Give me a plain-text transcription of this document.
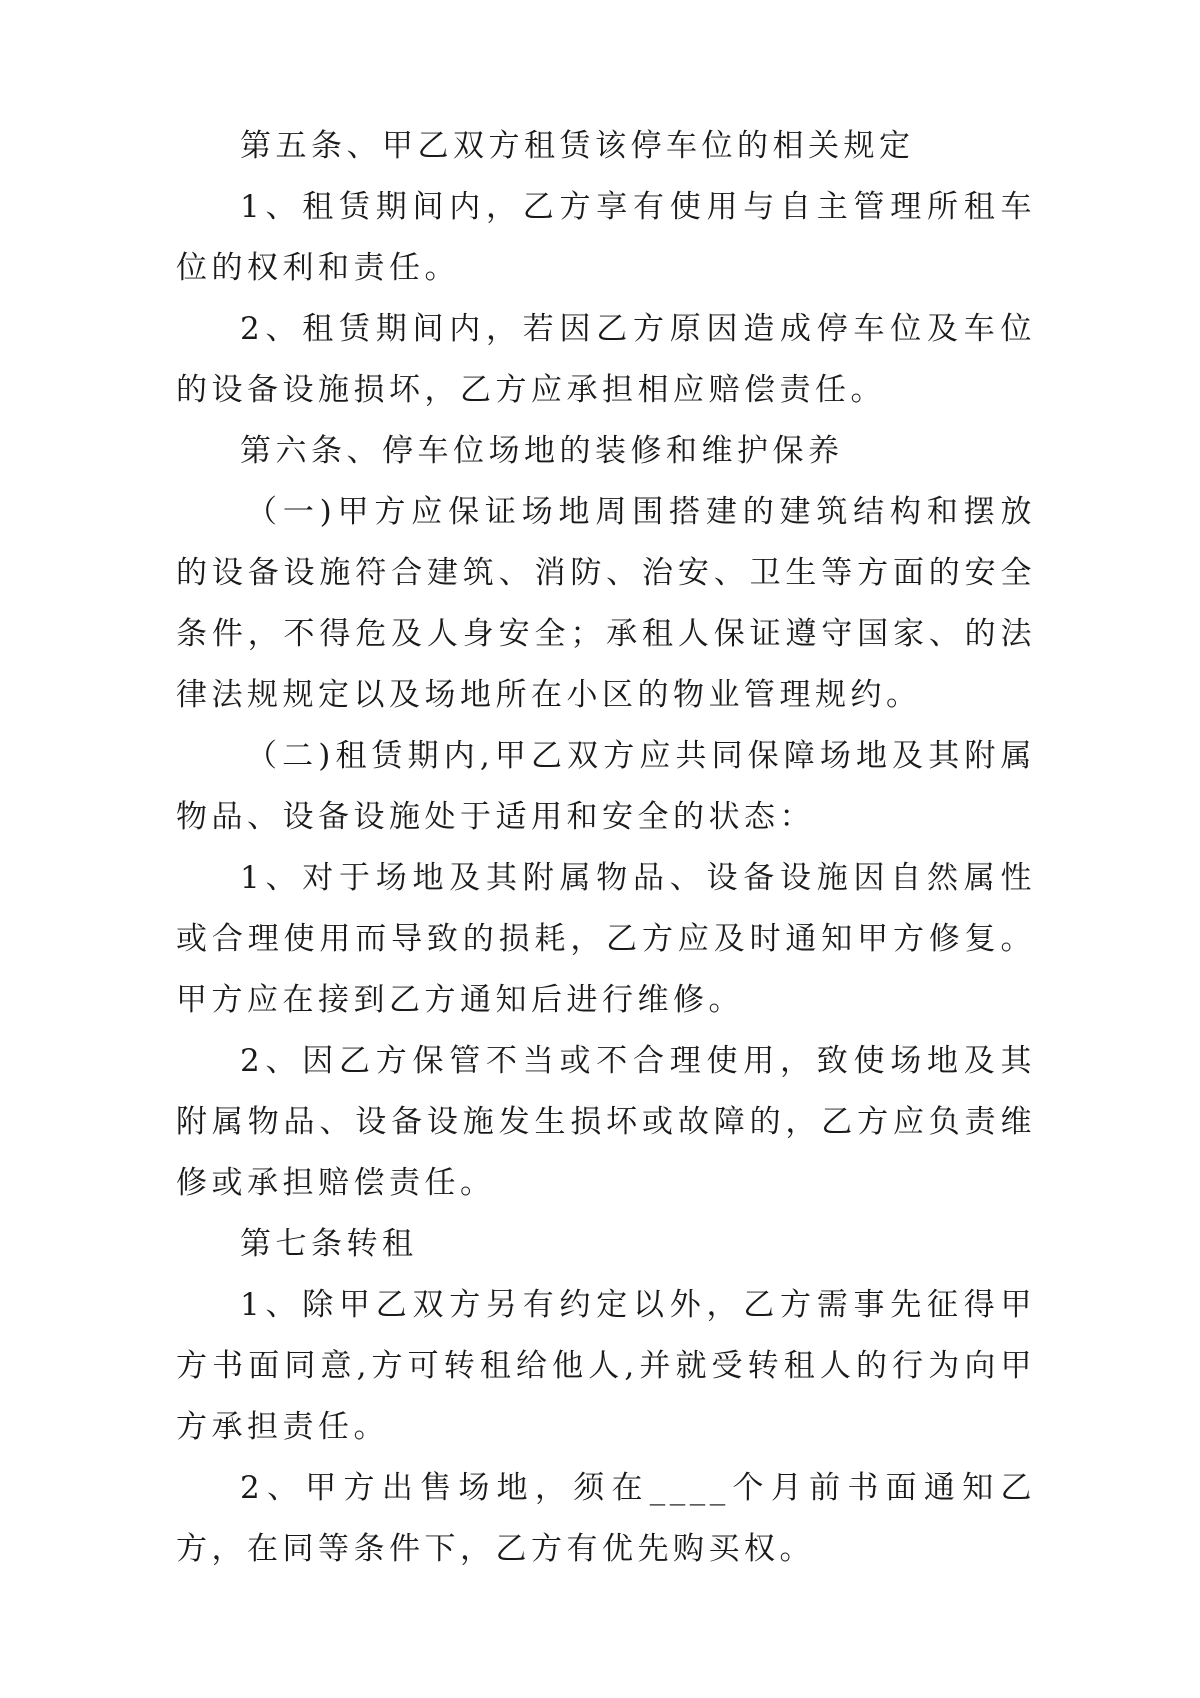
第五条、甲乙双方租赁该停车位的相关规定

1、租赁期间内，乙方享有使用与自主管理所租车位的权利和责任。

2、租赁期间内，若因乙方原因造成停车位及车位的设备设施损坏，乙方应承担相应赔偿责任。

第六条、停车位场地的装修和维护保养

（一)甲方应保证场地周围搭建的建筑结构和摆放的设备设施符合建筑、消防、治安、卫生等方面的安全条件，不得危及人身安全；承租人保证遵守国家、的法律法规规定以及场地所在小区的物业管理规约。

（二)租赁期内,甲乙双方应共同保障场地及其附属物品、设备设施处于适用和安全的状态：

1、对于场地及其附属物品、设备设施因自然属性或合理使用而导致的损耗，乙方应及时通知甲方修复。甲方应在接到乙方通知后进行维修。

2、因乙方保管不当或不合理使用，致使场地及其附属物品、设备设施发生损坏或故障的，乙方应负责维修或承担赔偿责任。

第七条转租

1、除甲乙双方另有约定以外，乙方需事先征得甲方书面同意,方可转租给他人,并就受转租人的行为向甲方承担责任。

2、甲方出售场地，须在____个月前书面通知乙方，在同等条件下，乙方有优先购买权。
